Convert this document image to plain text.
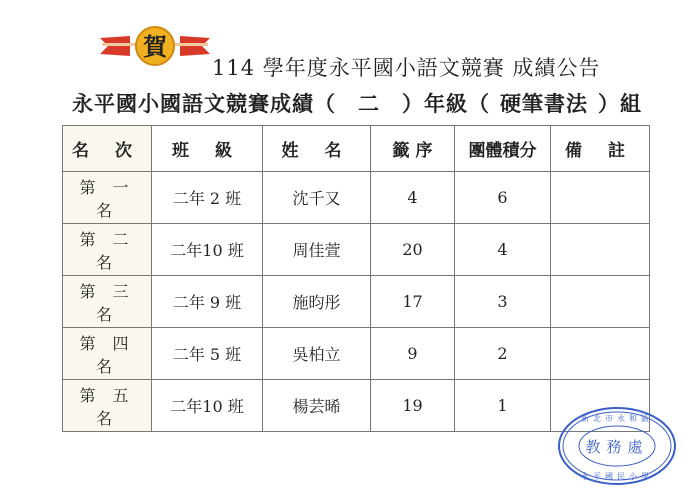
賀
114 學年度永平國小語文競賽 成績公告
永平國小國語文競賽成績（ 二 ）年級（ 硬筆書法 ）組
名 次	班 級	姓 名	籤 序	團體積分	備 註
第 一 名	二年 2 班	沈千又	4	6	
第 二 名	二年10 班	周佳萱	20	4	
第 三 名	二年 9 班	施昀彤	17	3	
第 四 名	二年 5 班	吳柏立	9	2	
第 五 名	二年10 班	楊芸晞	19	1	
新北市永和區
教務處
永平國民小學
